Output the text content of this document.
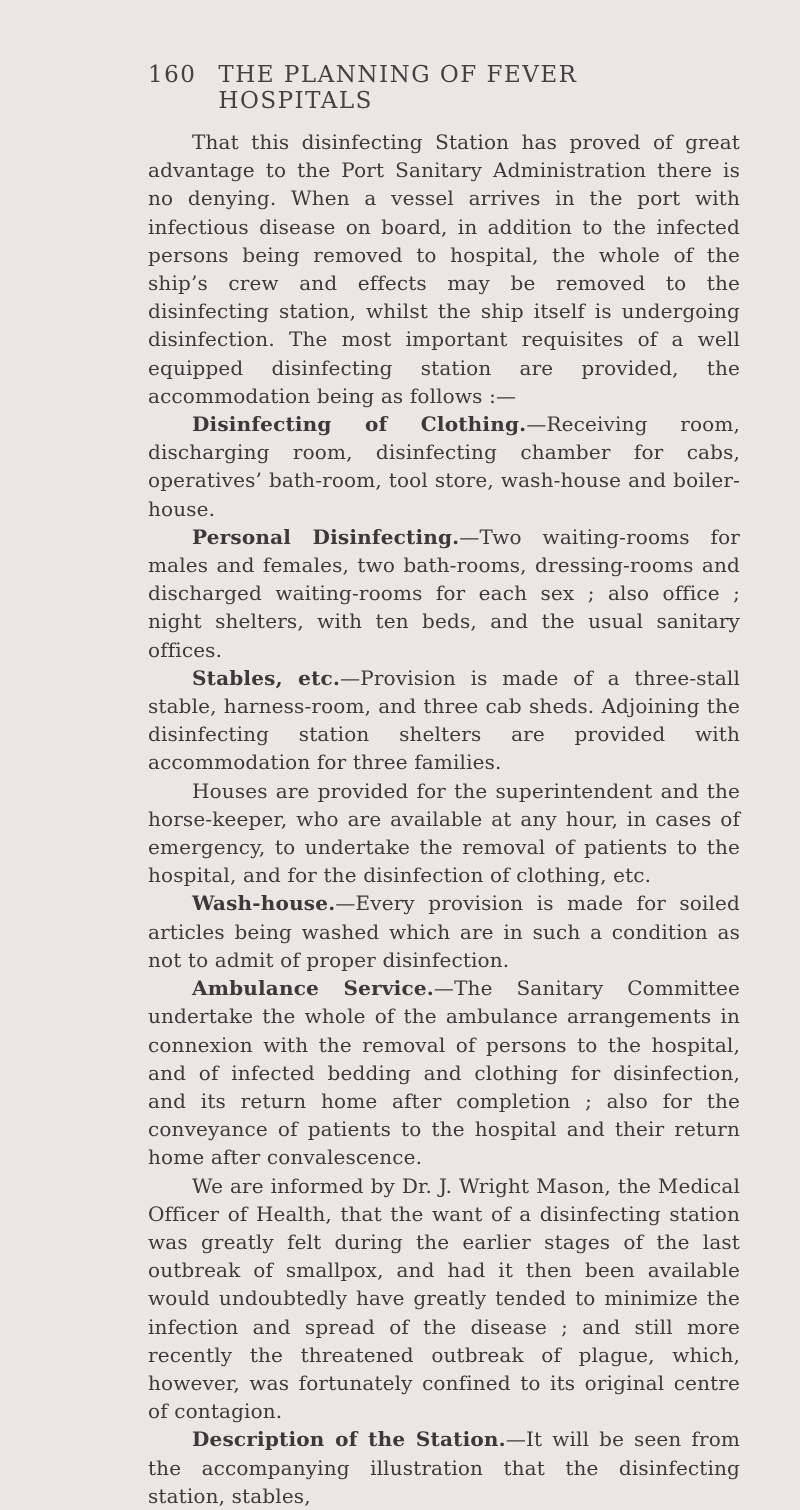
160 THE PLANNING OF FEVER HOSPITALS

That this disinfecting Station has proved of great advantage to the Port Sanitary Administration there is no denying. When a vessel arrives in the port with infectious disease on board, in addition to the infected persons being removed to hospital, the whole of the ship’s crew and effects may be removed to the disinfecting station, whilst the ship itself is undergoing disinfection. The most important requisites of a well equipped disinfecting station are provided, the accommodation being as follows :—

Disinfecting of Clothing.—Receiving room, discharging room, disinfecting chamber for cabs, operatives’ bath-room, tool store, wash-house and boiler-house.

Personal Disinfecting.—Two waiting-rooms for males and females, two bath-rooms, dressing-rooms and discharged waiting-rooms for each sex ; also office ; night shelters, with ten beds, and the usual sanitary offices.

Stables, etc.—Provision is made of a three-stall stable, harness-room, and three cab sheds. Adjoining the disinfecting station shelters are provided with accommodation for three families.

Houses are provided for the superintendent and the horse-keeper, who are available at any hour, in cases of emergency, to undertake the removal of patients to the hospital, and for the disinfection of clothing, etc.

Wash-house.—Every provision is made for soiled articles being washed which are in such a condition as not to admit of proper disinfection.

Ambulance Service.—The Sanitary Committee undertake the whole of the ambulance arrangements in connexion with the removal of persons to the hospital, and of infected bedding and clothing for disinfection, and its return home after completion ; also for the conveyance of patients to the hospital and their return home after convalescence.

We are informed by Dr. J. Wright Mason, the Medical Officer of Health, that the want of a disinfecting station was greatly felt during the earlier stages of the last outbreak of smallpox, and had it then been available would undoubtedly have greatly tended to minimize the infection and spread of the disease ; and still more recently the threatened outbreak of plague, which, however, was fortunately confined to its original centre of contagion.

Description of the Station.—It will be seen from the accompanying illustration that the disinfecting station, stables,
